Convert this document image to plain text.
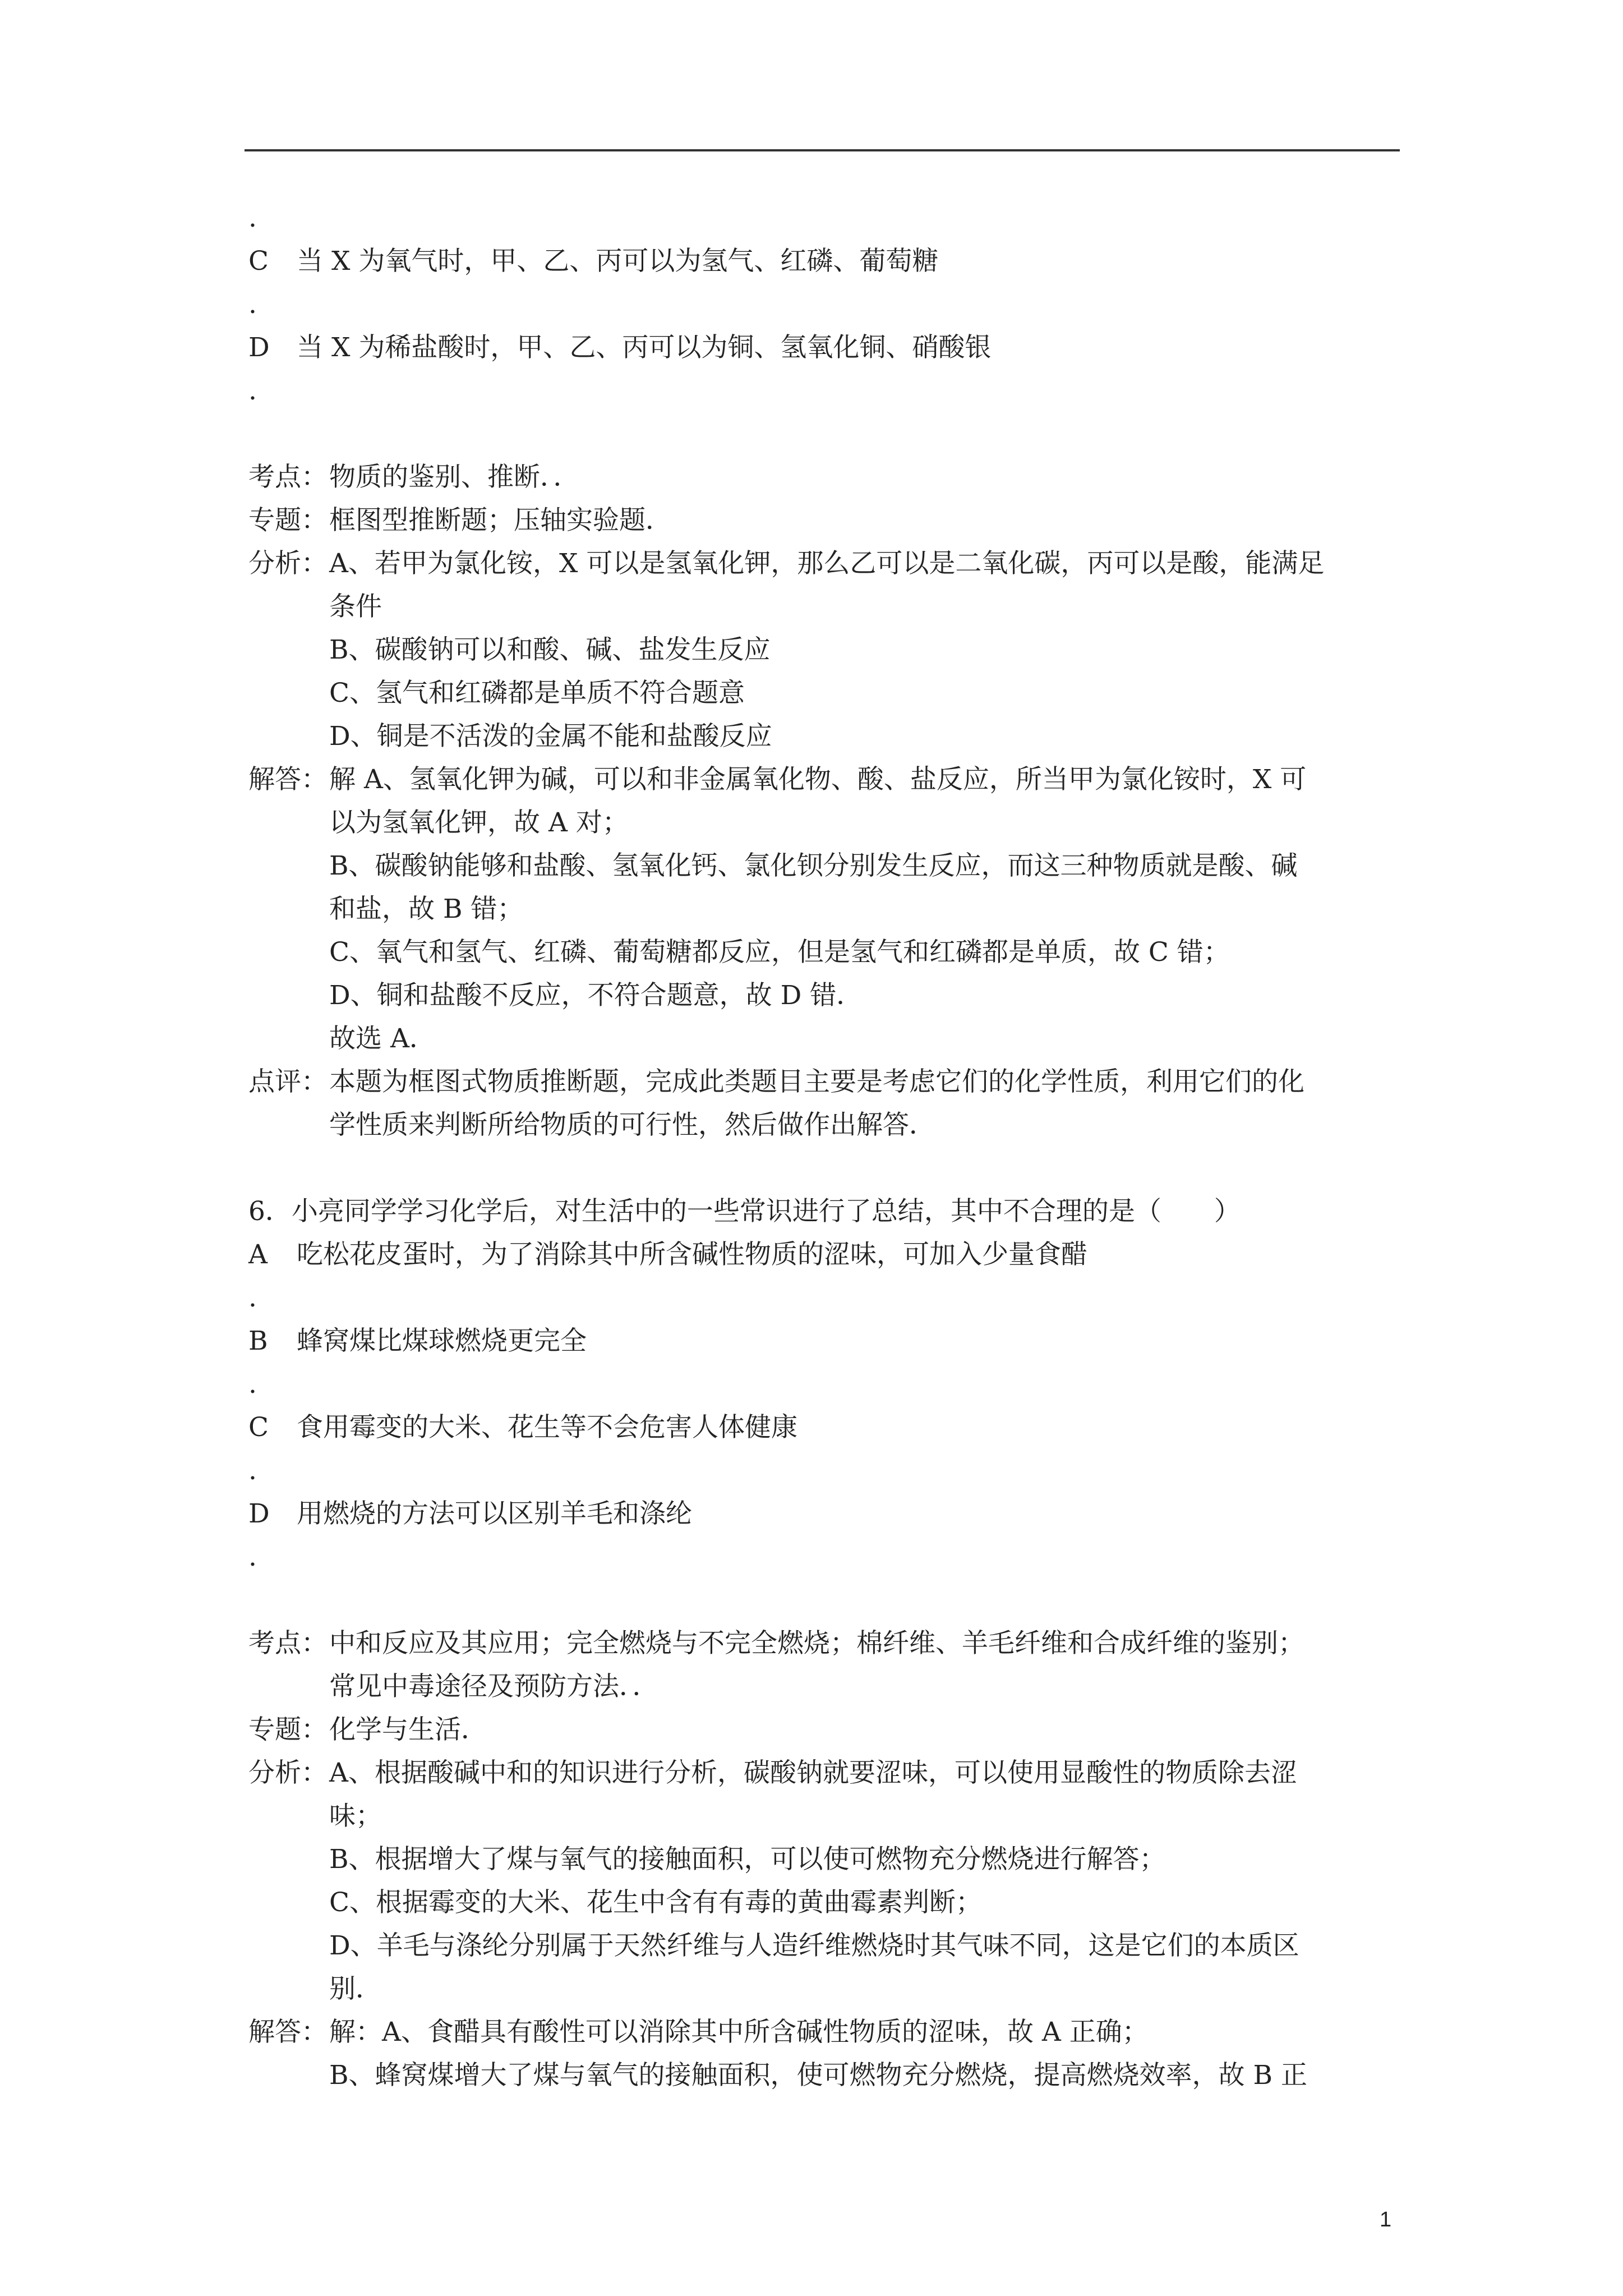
.
C	当 X 为氧气时，甲、乙、丙可以为氢气、红磷、葡萄糖
.
D	当 X 为稀盐酸时，甲、乙、丙可以为铜、氢氧化铜、硝酸银
.
考点： 物质的鉴别、推断．．
专题： 框图型推断题；压轴实验题．
分析： A、若甲为氯化铵，X 可以是氢氧化钾，那么乙可以是二氧化碳，丙可以是酸，能满足
条件
B、碳酸钠可以和酸、碱、盐发生反应
C、氢气和红磷都是单质不符合题意
D、铜是不活泼的金属不能和盐酸反应
解答： 解 A、氢氧化钾为碱，可以和非金属氧化物、酸、盐反应，所当甲为氯化铵时，X 可
以为氢氧化钾，故 A 对；
B、碳酸钠能够和盐酸、氢氧化钙、氯化钡分别发生反应，而这三种物质就是酸、碱
和盐，故 B 错；
C、氧气和氢气、红磷、葡萄糖都反应，但是氢气和红磷都是单质，故 C 错；
D、铜和盐酸不反应，不符合题意，故 D 错．
故选 A．
点评： 本题为框图式物质推断题，完成此类题目主要是考虑它们的化学性质，利用它们的化
学性质来判断所给物质的可行性，然后做作出解答．
6．小亮同学学习化学后，对生活中的一些常识进行了总结，其中不合理的是（　　）
A	吃松花皮蛋时，为了消除其中所含碱性物质的涩味，可加入少量食醋
.
B	蜂窝煤比煤球燃烧更完全
.
C	食用霉变的大米、花生等不会危害人体健康
.
D	用燃烧的方法可以区别羊毛和涤纶
.
考点： 中和反应及其应用；完全燃烧与不完全燃烧；棉纤维、羊毛纤维和合成纤维的鉴别；
常见中毒途径及预防方法．．
专题： 化学与生活．
分析： A、根据酸碱中和的知识进行分析，碳酸钠就要涩味，可以使用显酸性的物质除去涩
味；
B、根据增大了煤与氧气的接触面积，可以使可燃物充分燃烧进行解答；
C、根据霉变的大米、花生中含有有毒的黄曲霉素判断；
D、羊毛与涤纶分别属于天然纤维与人造纤维燃烧时其气味不同，这是它们的本质区
别．
解答： 解：A、食醋具有酸性可以消除其中所含碱性物质的涩味，故 A 正确；
B、蜂窝煤增大了煤与氧气的接触面积，使可燃物充分燃烧，提高燃烧效率，故 B 正
1
